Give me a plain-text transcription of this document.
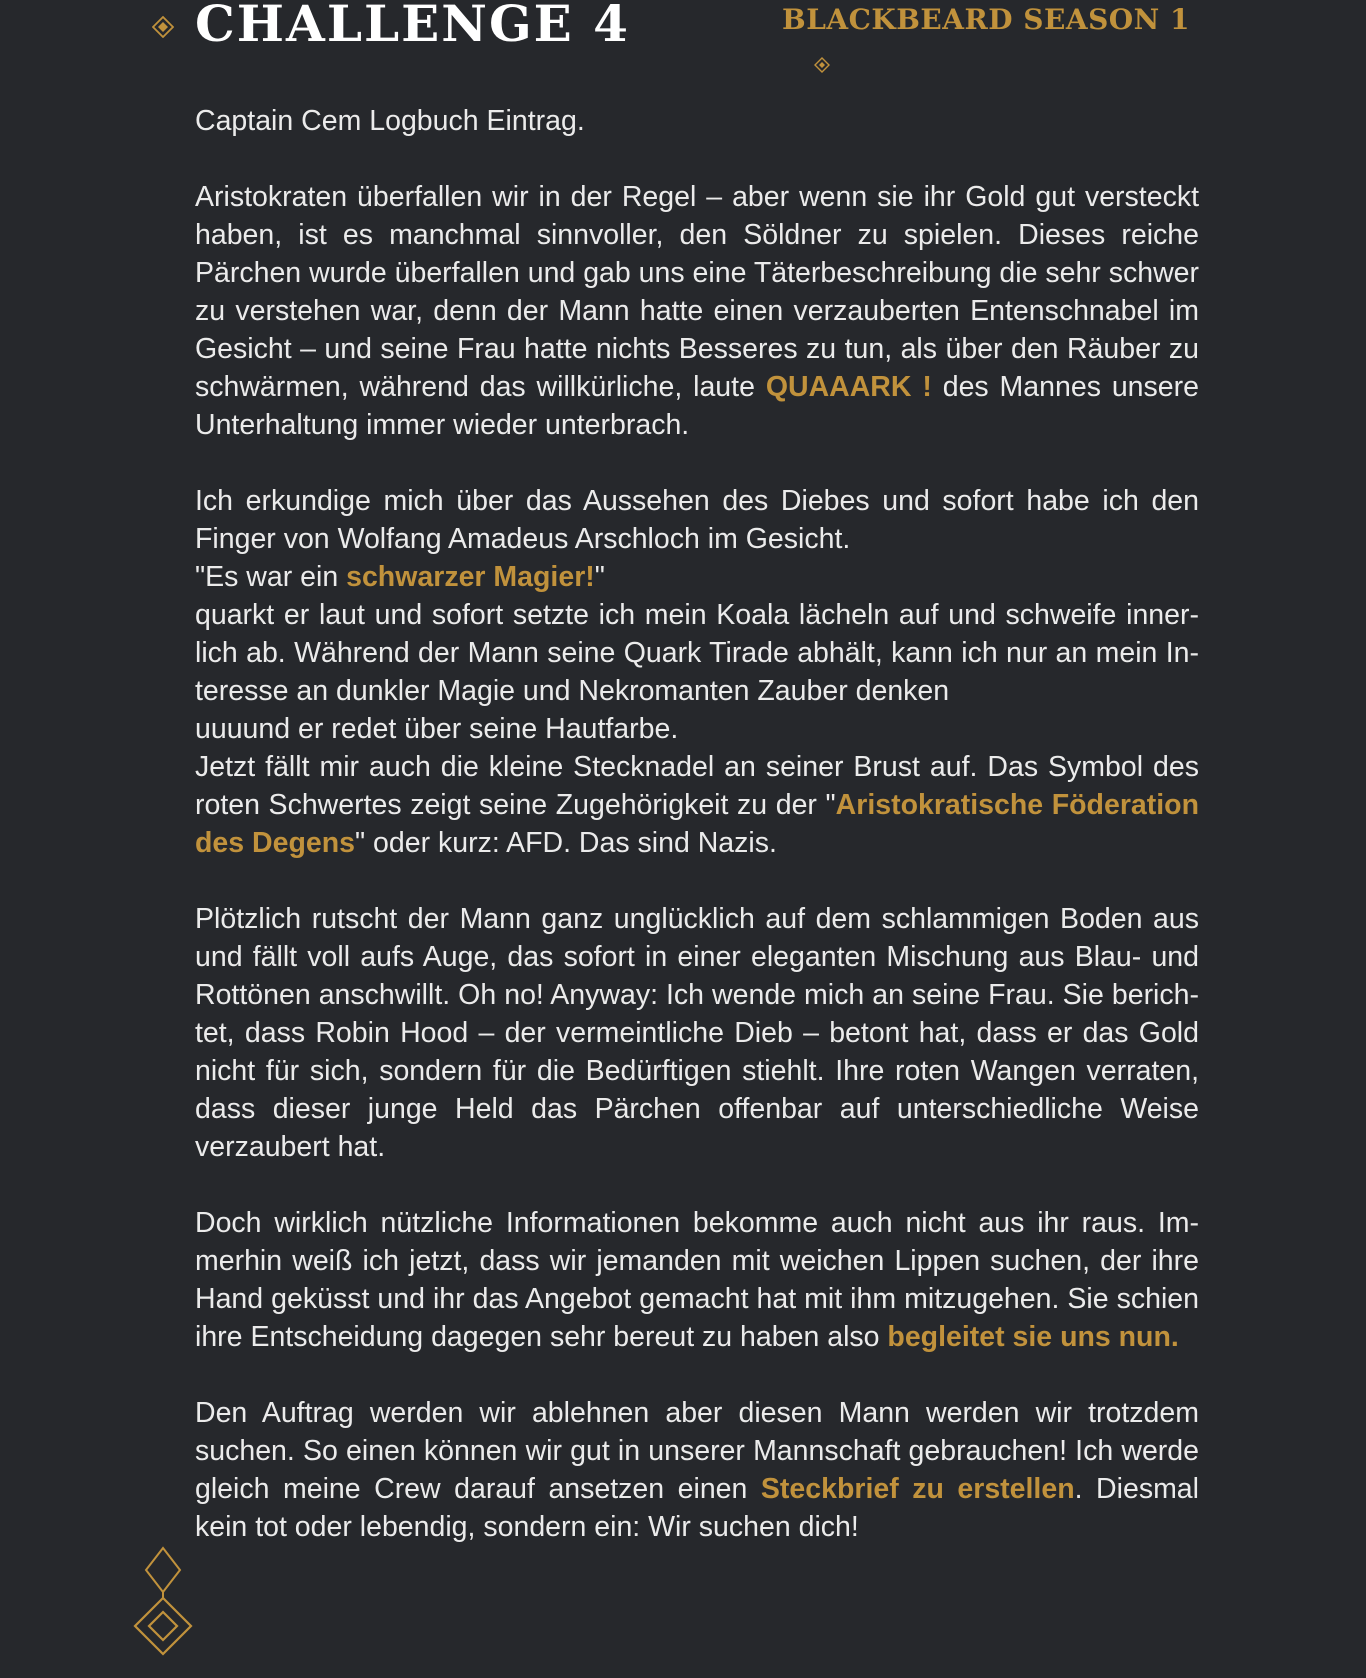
CHALLENGE 4	BLACKBEARD SEASON 1

Captain Cem Logbuch Eintrag.

Aristokraten überfallen wir in der Regel – aber wenn sie ihr Gold gut versteckt haben, ist es manchmal sinnvoller, den Söldner zu spielen. Dieses reiche Pärchen wurde überfallen und gab uns eine Täterbeschreibung die sehr schwer zu verstehen war, denn der Mann hatte einen verzauberten Entenschnabel im Gesicht – und seine Frau hatte nichts Besseres zu tun, als über den Räuber zu schwärmen, während das willkürliche, laute QUAAARK ! des Mannes unsere Unterhaltung immer wieder unterbrach.

Ich erkundige mich über das Aussehen des Diebes und sofort habe ich den Finger von Wolfang Amadeus Arschloch im Gesicht.
"Es war ein schwarzer Magier!"
quarkt er laut und sofort setzte ich mein Koala lächeln auf und schweife innerlich ab. Während der Mann seine Quark Tirade abhält, kann ich nur an mein Interesse an dunkler Magie und Nekromanten Zauber denken
uuuund er redet über seine Hautfarbe.
Jetzt fällt mir auch die kleine Stecknadel an seiner Brust auf. Das Symbol des roten Schwertes zeigt seine Zugehörigkeit zu der "Aristokratische Föderation des Degens" oder kurz: AFD. Das sind Nazis.

Plötzlich rutscht der Mann ganz unglücklich auf dem schlammigen Boden aus und fällt voll aufs Auge, das sofort in einer eleganten Mischung aus Blau- und Rottönen anschwillt. Oh no! Anyway: Ich wende mich an seine Frau. Sie berichtet, dass Robin Hood – der vermeintliche Dieb – betont hat, dass er das Gold nicht für sich, sondern für die Bedürftigen stiehlt. Ihre roten Wangen verraten, dass dieser junge Held das Pärchen offenbar auf unterschiedliche Weise verzaubert hat.

Doch wirklich nützliche Informationen bekomme auch nicht aus ihr raus. Immerhin weiß ich jetzt, dass wir jemanden mit weichen Lippen suchen, der ihre Hand geküsst und ihr das Angebot gemacht hat mit ihm mitzugehen. Sie schien ihre Entscheidung dagegen sehr bereut zu haben also begleitet sie uns nun.

Den Auftrag werden wir ablehnen aber diesen Mann werden wir trotzdem suchen. So einen können wir gut in unserer Mannschaft gebrauchen! Ich werde gleich meine Crew darauf ansetzen einen Steckbrief zu erstellen. Diesmal kein tot oder lebendig, sondern ein: Wir suchen dich!
